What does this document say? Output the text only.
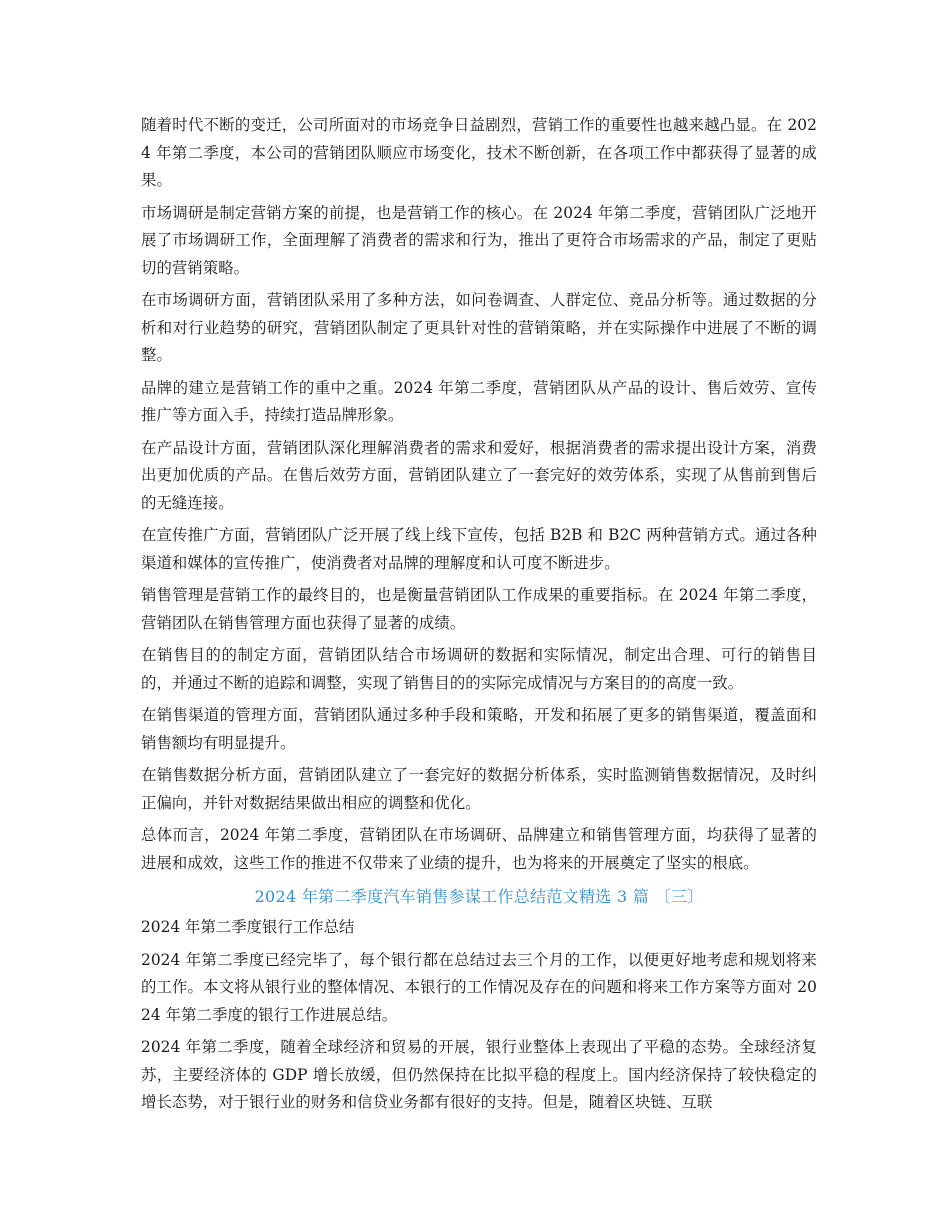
随着时代不断的变迁，公司所面对的市场竞争日益剧烈，营销工作的重要性也越来越凸显。在 2024 年第二季度，本公司的营销团队顺应市场变化，技术不断创新，在各项工作中都获得了显著的成果。

市场调研是制定营销方案的前提，也是营销工作的核心。在 2024 年第二季度，营销团队广泛地开展了市场调研工作，全面理解了消费者的需求和行为，推出了更符合市场需求的产品，制定了更贴切的营销策略。

在市场调研方面，营销团队采用了多种方法，如问卷调查、人群定位、竞品分析等。通过数据的分析和对行业趋势的研究，营销团队制定了更具针对性的营销策略，并在实际操作中进展了不断的调整。

品牌的建立是营销工作的重中之重。2024 年第二季度，营销团队从产品的设计、售后效劳、宣传推广等方面入手，持续打造品牌形象。

在产品设计方面，营销团队深化理解消费者的需求和爱好，根据消费者的需求提出设计方案，消费出更加优质的产品。在售后效劳方面，营销团队建立了一套完好的效劳体系，实现了从售前到售后的无缝连接。

在宣传推广方面，营销团队广泛开展了线上线下宣传，包括 B2B 和 B2C 两种营销方式。通过各种渠道和媒体的宣传推广，使消费者对品牌的理解度和认可度不断进步。

销售管理是营销工作的最终目的，也是衡量营销团队工作成果的重要指标。在 2024 年第二季度，营销团队在销售管理方面也获得了显著的成绩。

在销售目的的制定方面，营销团队结合市场调研的数据和实际情况，制定出合理、可行的销售目的，并通过不断的追踪和调整，实现了销售目的的实际完成情况与方案目的的高度一致。

在销售渠道的管理方面，营销团队通过多种手段和策略，开发和拓展了更多的销售渠道，覆盖面和销售额均有明显提升。

在销售数据分析方面，营销团队建立了一套完好的数据分析体系，实时监测销售数据情况，及时纠正偏向，并针对数据结果做出相应的调整和优化。

总体而言，2024 年第二季度，营销团队在市场调研、品牌建立和销售管理方面，均获得了显著的进展和成效，这些工作的推进不仅带来了业绩的提升，也为将来的开展奠定了坚实的根底。

2024 年第二季度汽车销售参谋工作总结范文精选 3 篇 〔三〕
2024 年第二季度银行工作总结

2024 年第二季度已经完毕了，每个银行都在总结过去三个月的工作，以便更好地考虑和规划将来的工作。本文将从银行业的整体情况、本银行的工作情况及存在的问题和将来工作方案等方面对 2024 年第二季度的银行工作进展总结。

2024 年第二季度，随着全球经济和贸易的开展，银行业整体上表现出了平稳的态势。全球经济复苏，主要经济体的 GDP 增长放缓，但仍然保持在比拟平稳的程度上。国内经济保持了较快稳定的增长态势，对于银行业的财务和信贷业务都有很好的支持。但是，随着区块链、互联
